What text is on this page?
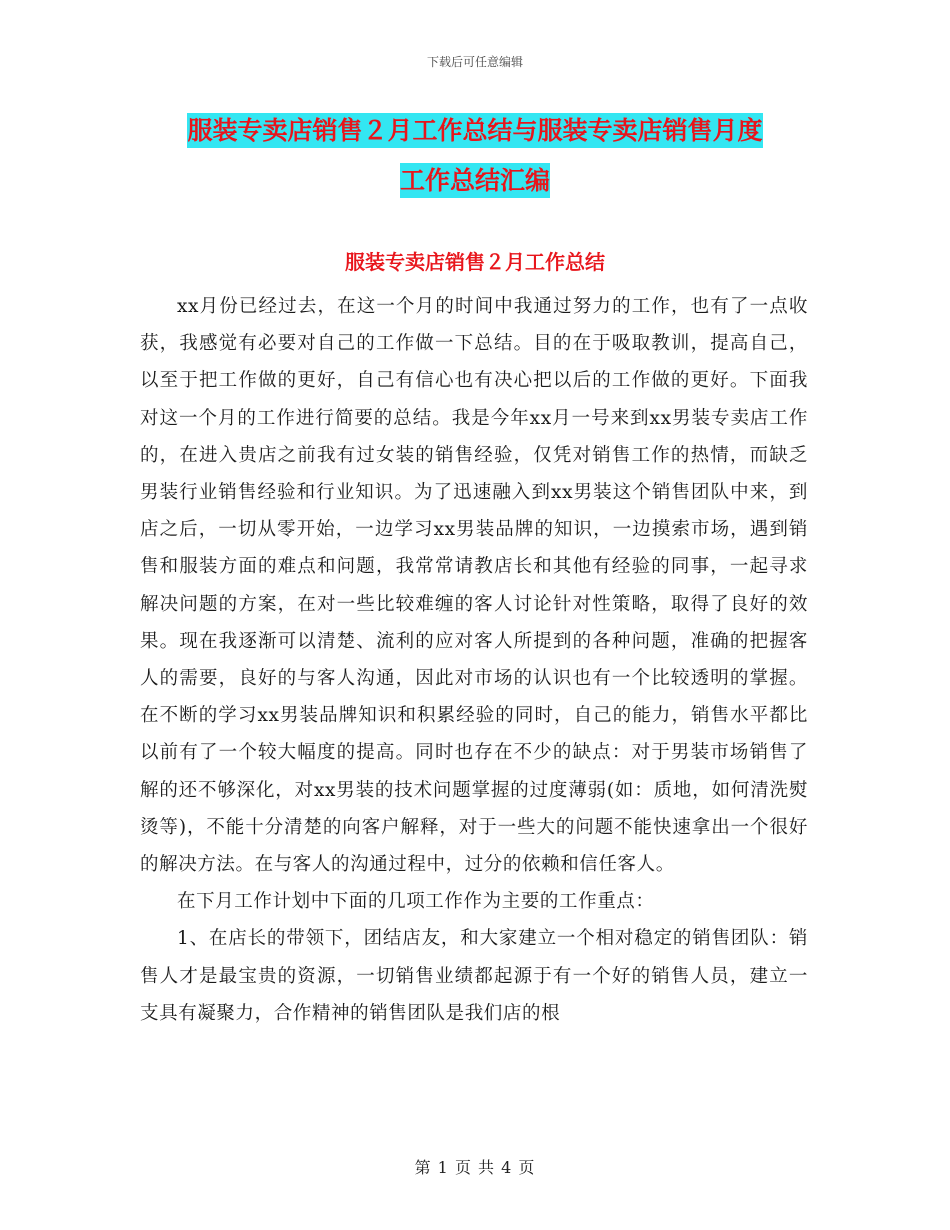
下载后可任意编辑
服装专卖店销售２月工作总结与服装专卖店销售月度
工作总结汇编
服装专卖店销售２月工作总结

xx月份已经过去，在这一个月的时间中我通过努力的工作，也有了一点收获，我感觉有必要对自己的工作做一下总结。目的在于吸取教训，提高自己，以至于把工作做的更好，自己有信心也有决心把以后的工作做的更好。下面我对这一个月的工作进行简要的总结。我是今年xx月一号来到xx男装专卖店工作的，在进入贵店之前我有过女装的销售经验，仅凭对销售工作的热情，而缺乏男装行业销售经验和行业知识。为了迅速融入到xx男装这个销售团队中来，到店之后，一切从零开始，一边学习xx男装品牌的知识，一边摸索市场，遇到销售和服装方面的难点和问题，我常常请教店长和其他有经验的同事，一起寻求解决问题的方案，在对一些比较难缠的客人讨论针对性策略，取得了良好的效果。现在我逐渐可以清楚、流利的应对客人所提到的各种问题，准确的把握客人的需要，良好的与客人沟通，因此对市场的认识也有一个比较透明的掌握。在不断的学习xx男装品牌知识和积累经验的同时，自己的能力，销售水平都比以前有了一个较大幅度的提高。同时也存在不少的缺点：对于男装市场销售了解的还不够深化，对xx男装的技术问题掌握的过度薄弱(如：质地，如何清洗熨烫等)，不能十分清楚的向客户解释，对于一些大的问题不能快速拿出一个很好的解决方法。在与客人的沟通过程中，过分的依赖和信任客人。

在下月工作计划中下面的几项工作作为主要的工作重点：

1、在店长的带领下，团结店友，和大家建立一个相对稳定的销售团队：销售人才是最宝贵的资源，一切销售业绩都起源于有一个好的销售人员，建立一支具有凝聚力，合作精神的销售团队是我们店的根

第 1 页 共 4 页
